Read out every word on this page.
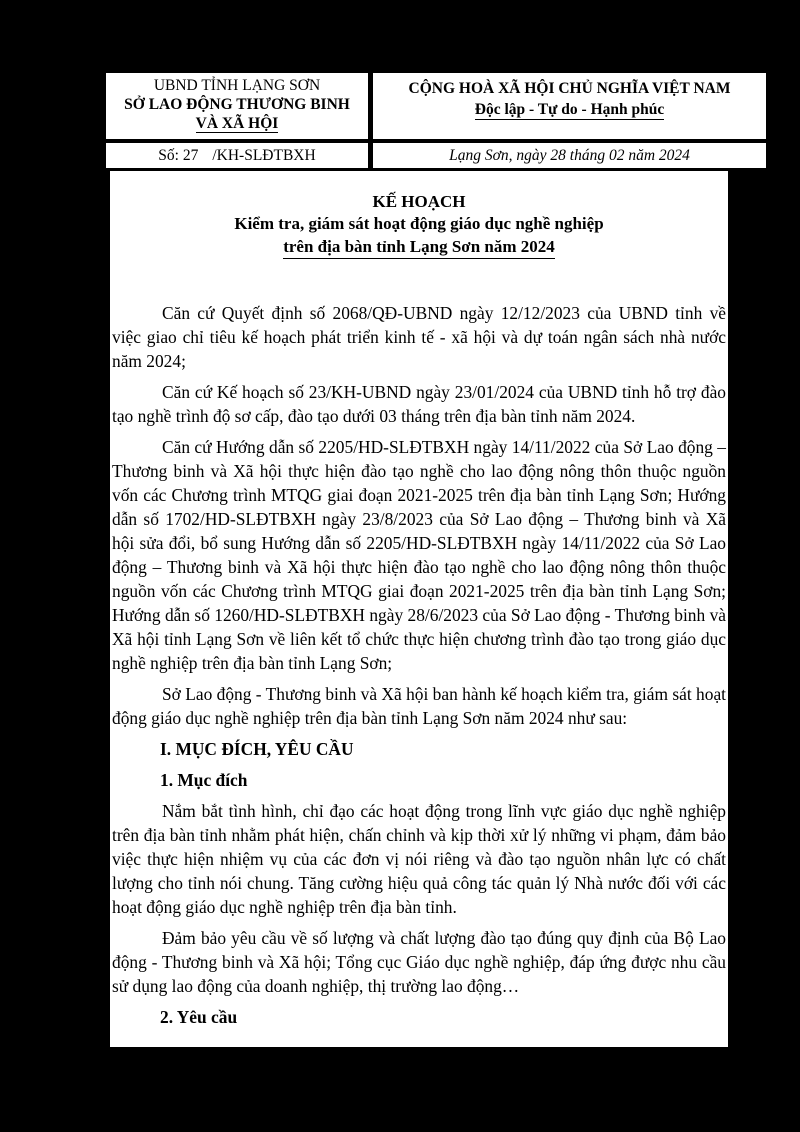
UBND TỈNH LẠNG SƠN
SỞ LAO ĐỘNG THƯƠNG BINH
VÀ XÃ HỘI
CỘNG HOÀ XÃ HỘI CHỦ NGHĨA VIỆT NAM
Độc lập - Tự do - Hạnh phúc
Số: 27 /KH-SLĐTBXH	Lạng Sơn, ngày 28 tháng 02 năm 2024
KẾ HOẠCH
Kiểm tra, giám sát hoạt động giáo dục nghề nghiệp
trên địa bàn tỉnh Lạng Sơn năm 2024

Căn cứ Quyết định số 2068/QĐ-UBND ngày 12/12/2023 của UBND tỉnh về việc giao chỉ tiêu kế hoạch phát triển kinh tế - xã hội và dự toán ngân sách nhà nước năm 2024;

Căn cứ Kế hoạch số 23/KH-UBND ngày 23/01/2024 của UBND tỉnh hỗ trợ đào tạo nghề trình độ sơ cấp, đào tạo dưới 03 tháng trên địa bàn tỉnh năm 2024.

Căn cứ Hướng dẫn số 2205/HD-SLĐTBXH ngày 14/11/2022 của Sở Lao động – Thương binh và Xã hội thực hiện đào tạo nghề cho lao động nông thôn thuộc nguồn vốn các Chương trình MTQG giai đoạn 2021-2025 trên địa bàn tỉnh Lạng Sơn; Hướng dẫn số 1702/HD-SLĐTBXH ngày 23/8/2023 của Sở Lao động – Thương binh và Xã hội sửa đổi, bổ sung Hướng dẫn số 2205/HD-SLĐTBXH ngày 14/11/2022 của Sở Lao động – Thương binh và Xã hội thực hiện đào tạo nghề cho lao động nông thôn thuộc nguồn vốn các Chương trình MTQG giai đoạn 2021-2025 trên địa bàn tỉnh Lạng Sơn; Hướng dẫn số 1260/HD-SLĐTBXH ngày 28/6/2023 của Sở Lao động - Thương binh và Xã hội tỉnh Lạng Sơn về liên kết tổ chức thực hiện chương trình đào tạo trong giáo dục nghề nghiệp trên địa bàn tỉnh Lạng Sơn;

Sở Lao động - Thương binh và Xã hội ban hành kế hoạch kiểm tra, giám sát hoạt động giáo dục nghề nghiệp trên địa bàn tỉnh Lạng Sơn năm 2024 như sau:

I. MỤC ĐÍCH, YÊU CẦU
1. Mục đích

Nắm bắt tình hình, chỉ đạo các hoạt động trong lĩnh vực giáo dục nghề nghiệp trên địa bàn tỉnh nhằm phát hiện, chấn chỉnh và kịp thời xử lý những vi phạm, đảm bảo việc thực hiện nhiệm vụ của các đơn vị nói riêng và đào tạo nguồn nhân lực có chất lượng cho tỉnh nói chung. Tăng cường hiệu quả công tác quản lý Nhà nước đối với các hoạt động giáo dục nghề nghiệp trên địa bàn tỉnh.

Đảm bảo yêu cầu về số lượng và chất lượng đào tạo đúng quy định của Bộ Lao động - Thương binh và Xã hội; Tổng cục Giáo dục nghề nghiệp, đáp ứng được nhu cầu sử dụng lao động của doanh nghiệp, thị trường lao động…

2. Yêu cầu
